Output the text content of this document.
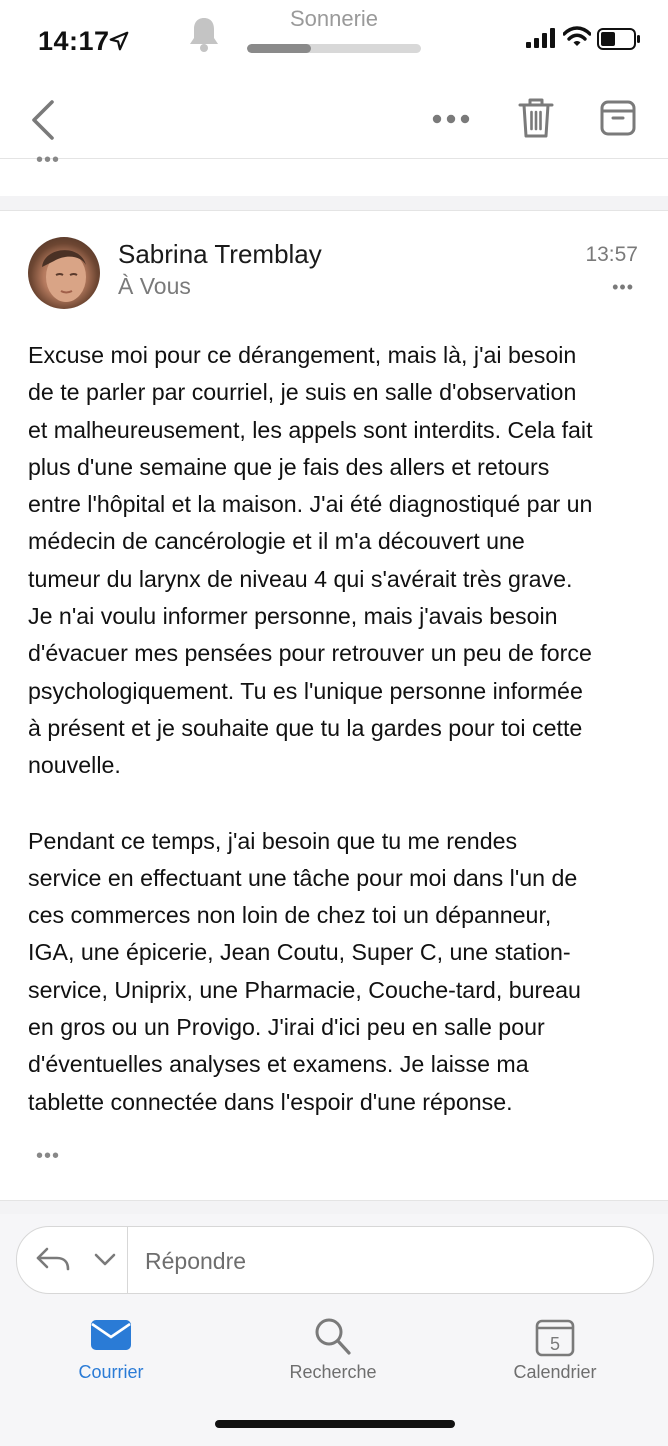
Sonnerie
14:17
•••
Sabrina Tremblay
À Vous
13:57
•••

Excuse moi pour ce dérangement, mais là, j'ai besoin
de te parler par courriel, je suis en salle d'observation
et malheureusement, les appels sont interdits. Cela fait
plus d'une semaine que je fais des allers et retours
entre l'hôpital et la maison. J'ai été diagnostiqué par un
médecin de cancérologie et il m'a découvert une
tumeur du larynx de niveau 4 qui s'avérait très grave.
Je n'ai voulu informer personne, mais j'avais besoin
d'évacuer mes pensées pour retrouver un peu de force
psychologiquement. Tu es l'unique personne informée
à présent et je souhaite que tu la gardes pour toi cette
nouvelle.

Pendant ce temps, j'ai besoin que tu me rendes
service en effectuant une tâche pour moi dans l'un de
ces commerces non loin de chez toi un dépanneur,
IGA, une épicerie, Jean Coutu, Super C, une station-
service, Uniprix, une Pharmacie, Couche-tard, bureau
en gros ou un Provigo. J'irai d'ici peu en salle pour
d'éventuelles analyses et examens. Je laisse ma
tablette connectée dans l'espoir d'une réponse.

•••
Répondre
Courrier	Recherche
5
Calendrier
